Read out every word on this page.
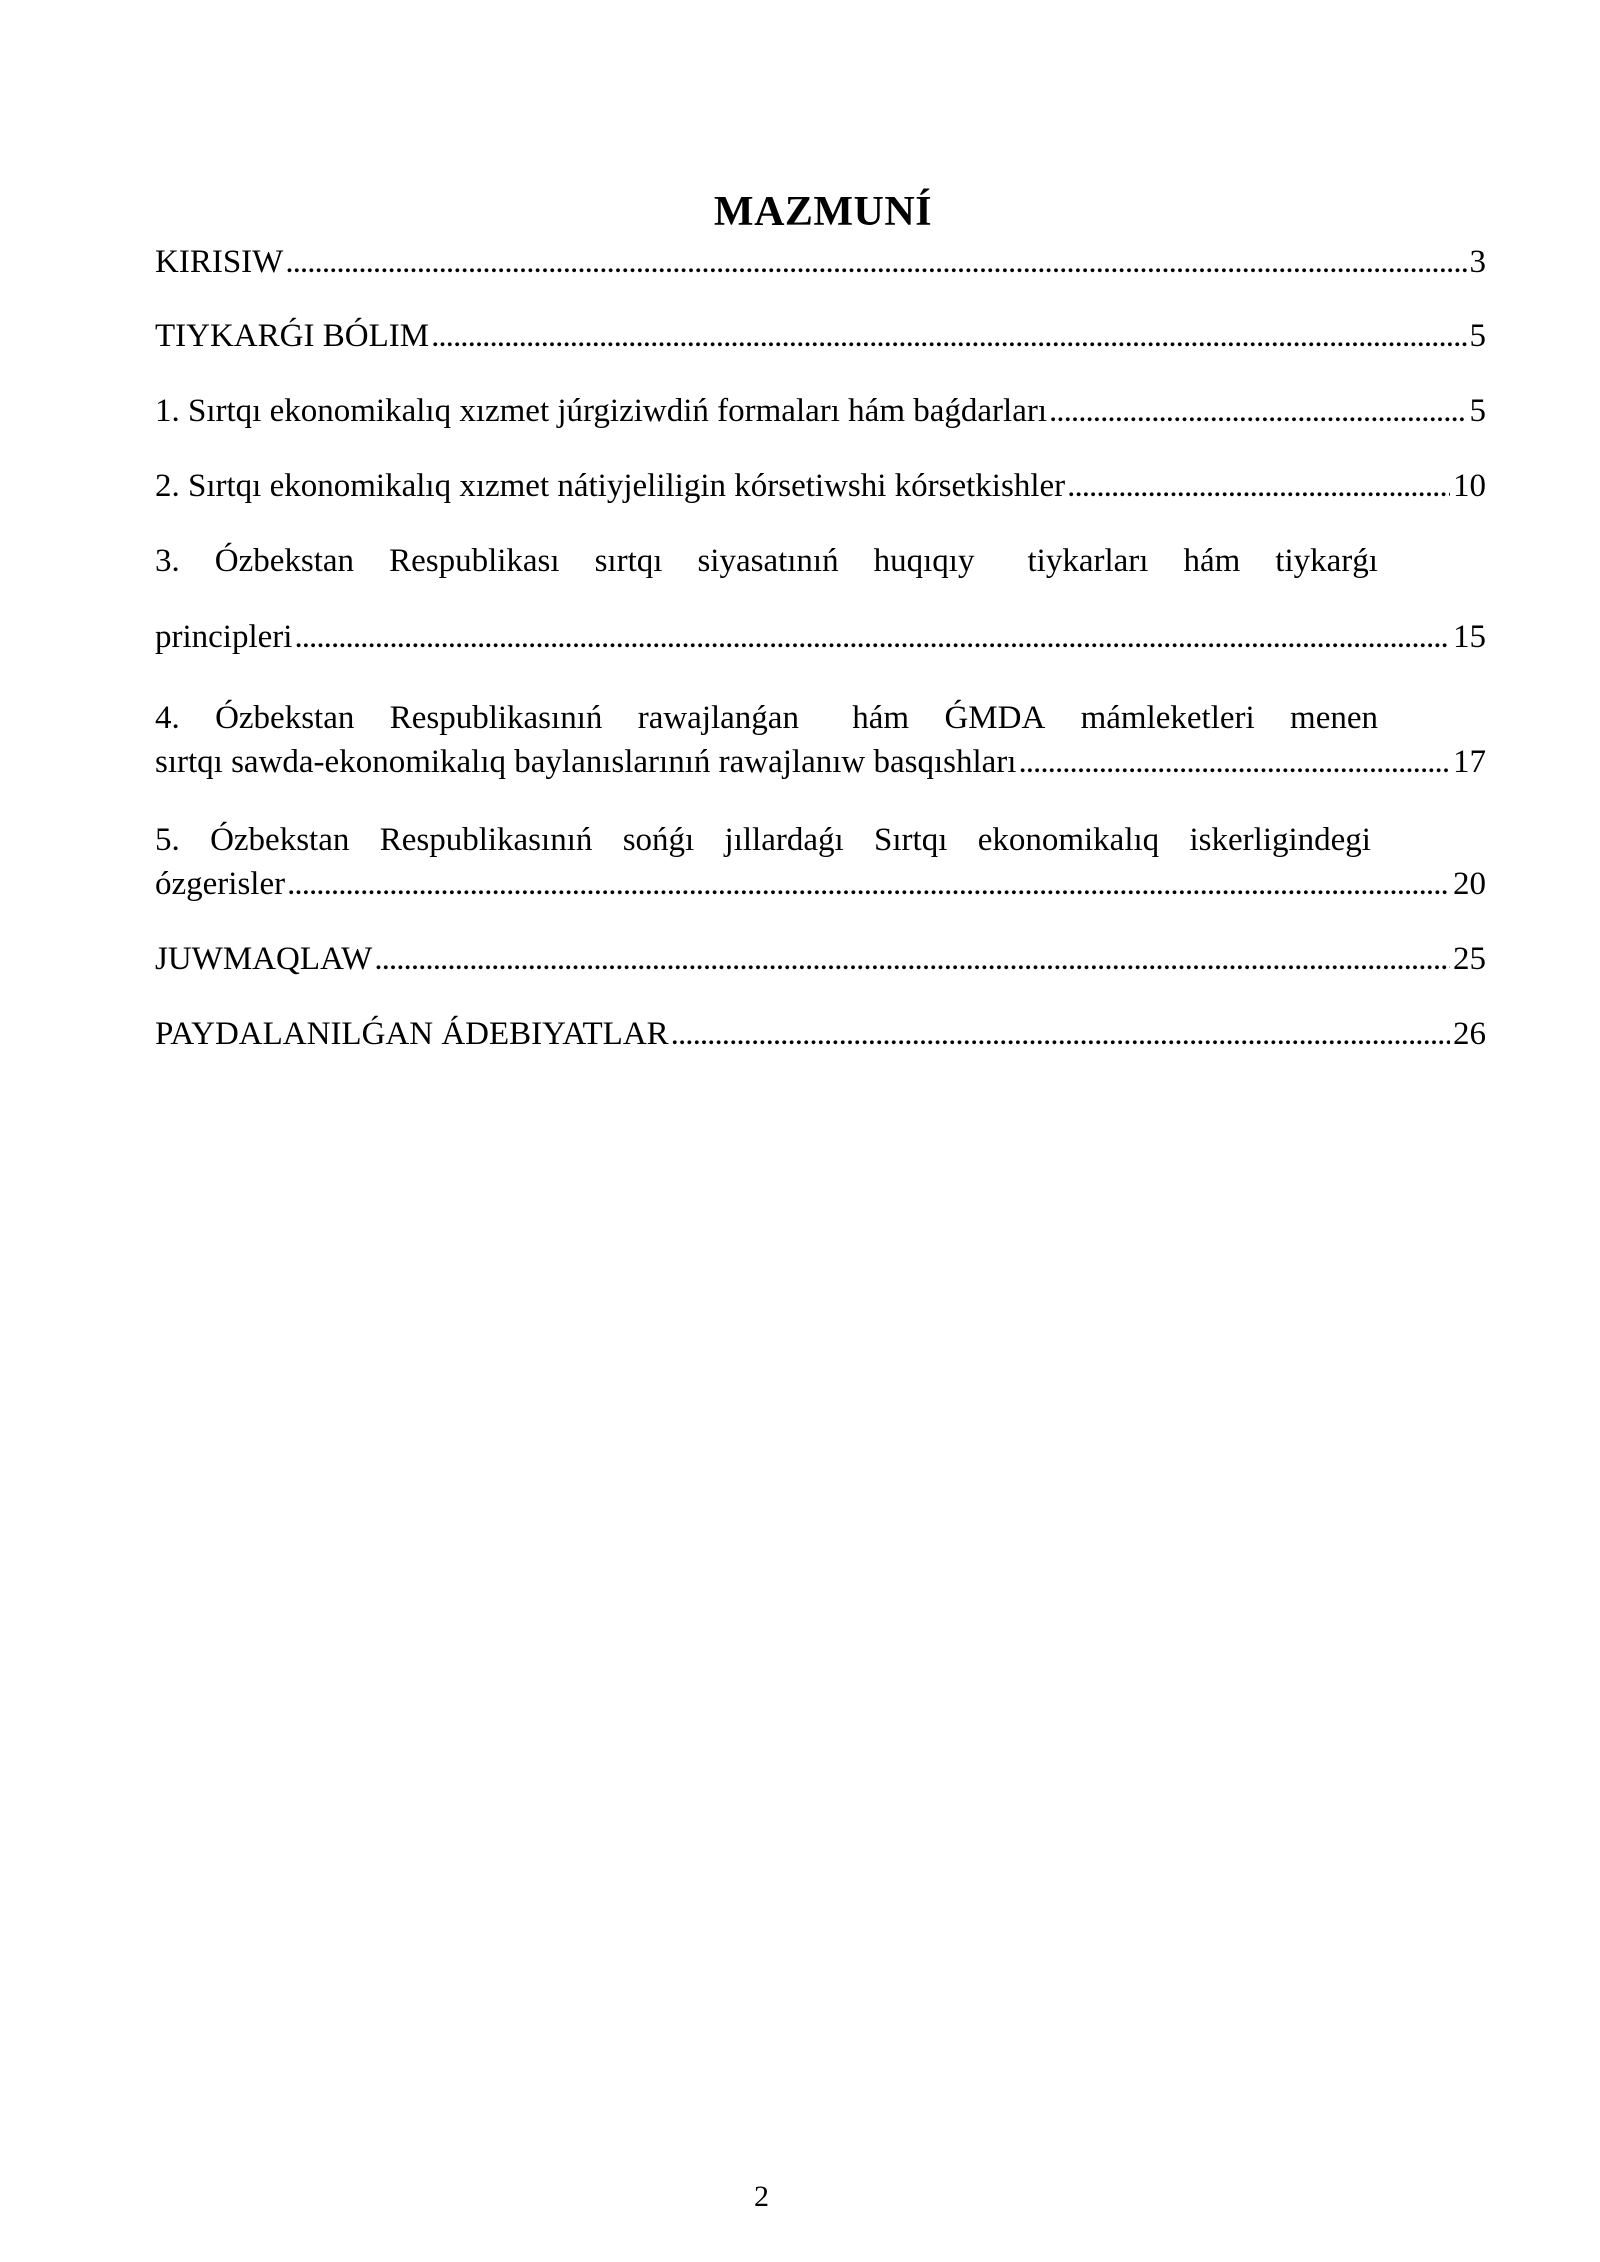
MAZMUNÍ
KIRISIW . . .	3
TIYKARǴI BÓLIM . . .	5
1. Sırtqı ekonomikalıq xızmet júrgiziwdiń formaları hám baǵdarları . . .	5
2. Sırtqı ekonomikalıq xızmet nátiyjeliligin kórsetiwshi kórsetkishler . . .	10
3. Ózbekstan Respublikası sırtqı siyasatınıń huqıqıy tiykarları hám tiykarǵı
principleri . . .	15
4. Ózbekstan Respublikasınıń rawajlanǵan hám ǴMDA mámleketleri menen
sırtqı sawda-ekonomikalıq baylanıslarınıń rawajlanıw basqıshları . . .	17
5. Ózbekstan Respublikasınıń sońǵı jıllardaǵı Sırtqı ekonomikalıq iskerligindegi
ózgerisler . . .	20
JUWMAQLAW . . .	25
PAYDALANILǴAN ÁDEBIYATLAR . . .	26
2
